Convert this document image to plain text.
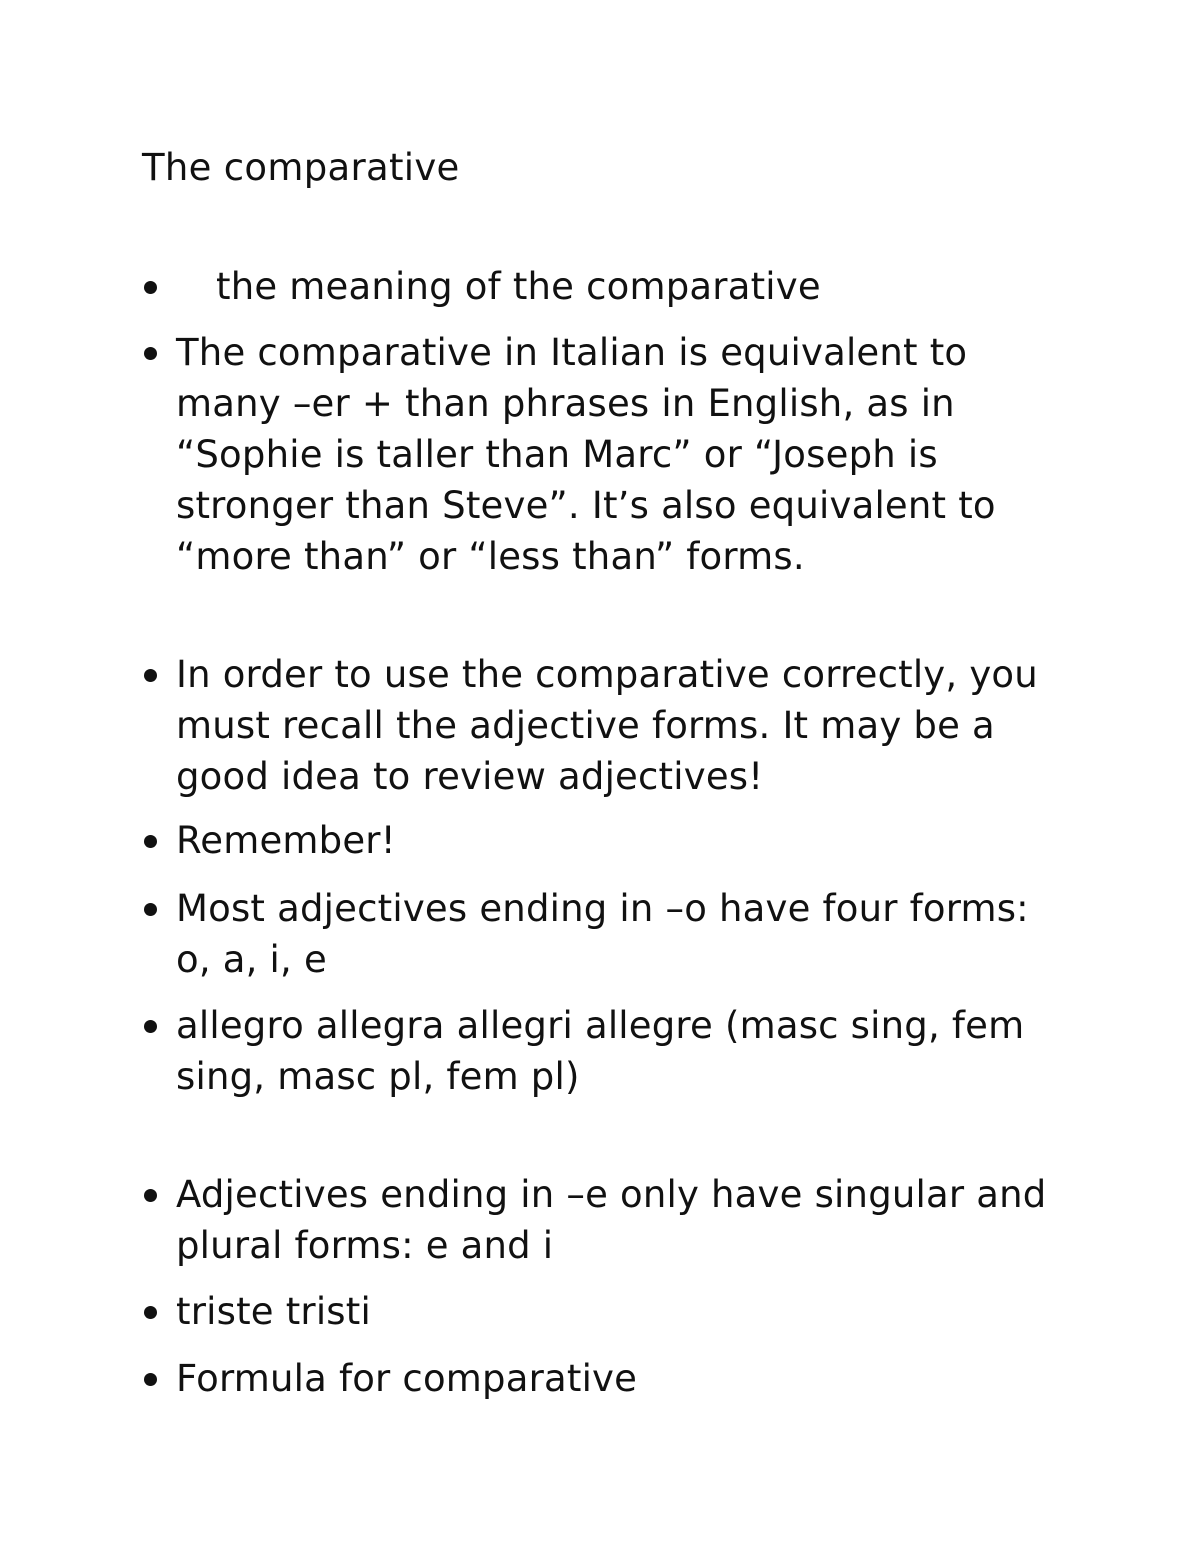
The comparative
the meaning of the comparative
The comparative in Italian is equivalent to many –er + than phrases in English, as in “Sophie is taller than Marc” or “Joseph is stronger than Steve”. It’s also equivalent to “more than” or “less than” forms.
In order to use the comparative correctly, you must recall the adjective forms. It may be a good idea to review adjectives!
Remember!
Most adjectives ending in –o have four forms: o, a, i, e
allegro allegra allegri allegre (masc sing, fem sing, masc pl, fem pl)
Adjectives ending in –e only have singular and plural forms: e and i
triste tristi
Formula for comparative
